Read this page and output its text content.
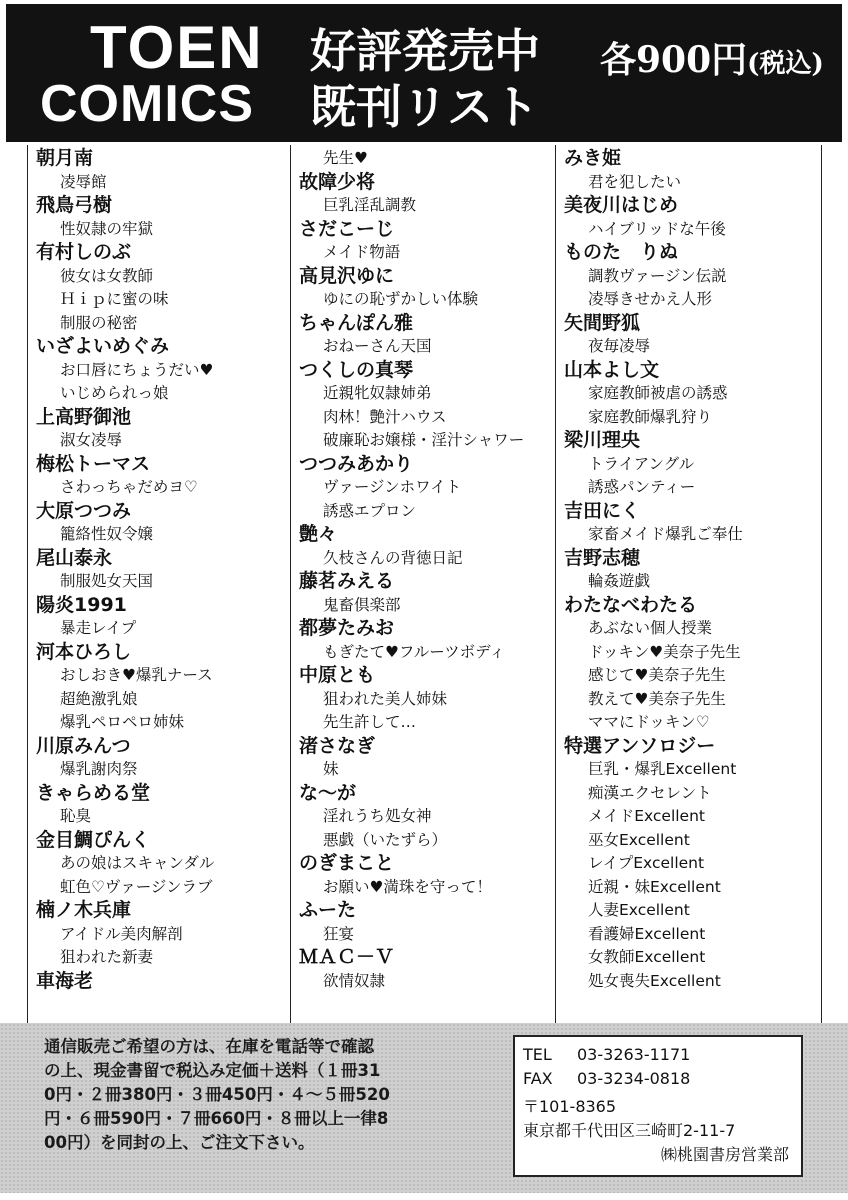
TOEN
COMICS
好評発売中
既刊リスト
各900円(税込)
朝月南
凌辱館
飛鳥弓樹
性奴隷の牢獄
有村しのぶ
彼女は女教師
Ｈｉｐに蜜の味
制服の秘密
いざよいめぐみ
お口唇にちょうだい♥
いじめられっ娘
上高野御池
淑女凌辱
梅松トーマス
さわっちゃだめヨ♡
大原つつみ
籠絡性奴令嬢
尾山泰永
制服処女天国
陽炎1991
暴走レイプ
河本ひろし
おしおき♥爆乳ナース
超絶激乳娘
爆乳ペロペロ姉妹
川原みんつ
爆乳謝肉祭
きゃらめる堂
恥臭
金目鯛ぴんく
あの娘はスキャンダル
虹色♡ヴァージンラブ
楠ノ木兵庫
アイドル美肉解剖
狙われた新妻
車海老
先生♥
故障少将
巨乳淫乱調教
さだこーじ
メイド物語
高見沢ゆに
ゆにの恥ずかしい体験
ちゃんぽん雅
おねーさん天国
つくしの真琴
近親牝奴隷姉弟
肉林！艶汁ハウス
破廉恥お嬢様・淫汁シャワー
つつみあかり
ヴァージンホワイト
誘惑エプロン
艶々
久枝さんの背徳日記
藤茗みえる
鬼畜倶楽部
都夢たみお
もぎたて♥フルーツボディ
中原とも
狙われた美人姉妹
先生許して…
渚さなぎ
妹
な～が
淫れうち処女神
悪戯（いたずら）
のぎまこと
お願い♥満珠を守って！
ふーた
狂宴
ＭＡＣ－Ｖ
欲情奴隷
みき姫
君を犯したい
美夜川はじめ
ハイブリッドな午後
ものた　りぬ
調教ヴァージン伝説
凌辱きせかえ人形
矢間野狐
夜毎凌辱
山本よし文
家庭教師被虐の誘惑
家庭教師爆乳狩り
梁川理央
トライアングル
誘惑パンティー
吉田にく
家畜メイド爆乳ご奉仕
吉野志穂
輪姦遊戯
わたなべわたる
あぶない個人授業
ドッキン♥美奈子先生
感じて♥美奈子先生
教えて♥美奈子先生
ママにドッキン♡
特選アンソロジー
巨乳・爆乳Excellent
痴漢エクセレント
メイドExcellent
巫女Excellent
レイプExcellent
近親・妹Excellent
人妻Excellent
看護婦Excellent
女教師Excellent
処女喪失Excellent
通信販売ご希望の方は、在庫を電話等で確認
の上、現金書留で税込み定価＋送料（１冊31
0円・２冊380円・３冊450円・４～５冊520
円・６冊590円・７冊660円・８冊以上一律8
00円）を同封の上、ご注文下さい。
TEL 03-3263-1171
FAX 03-3234-0818
〒101-8365
東京都千代田区三崎町2-11-7
㈱桃園書房営業部
